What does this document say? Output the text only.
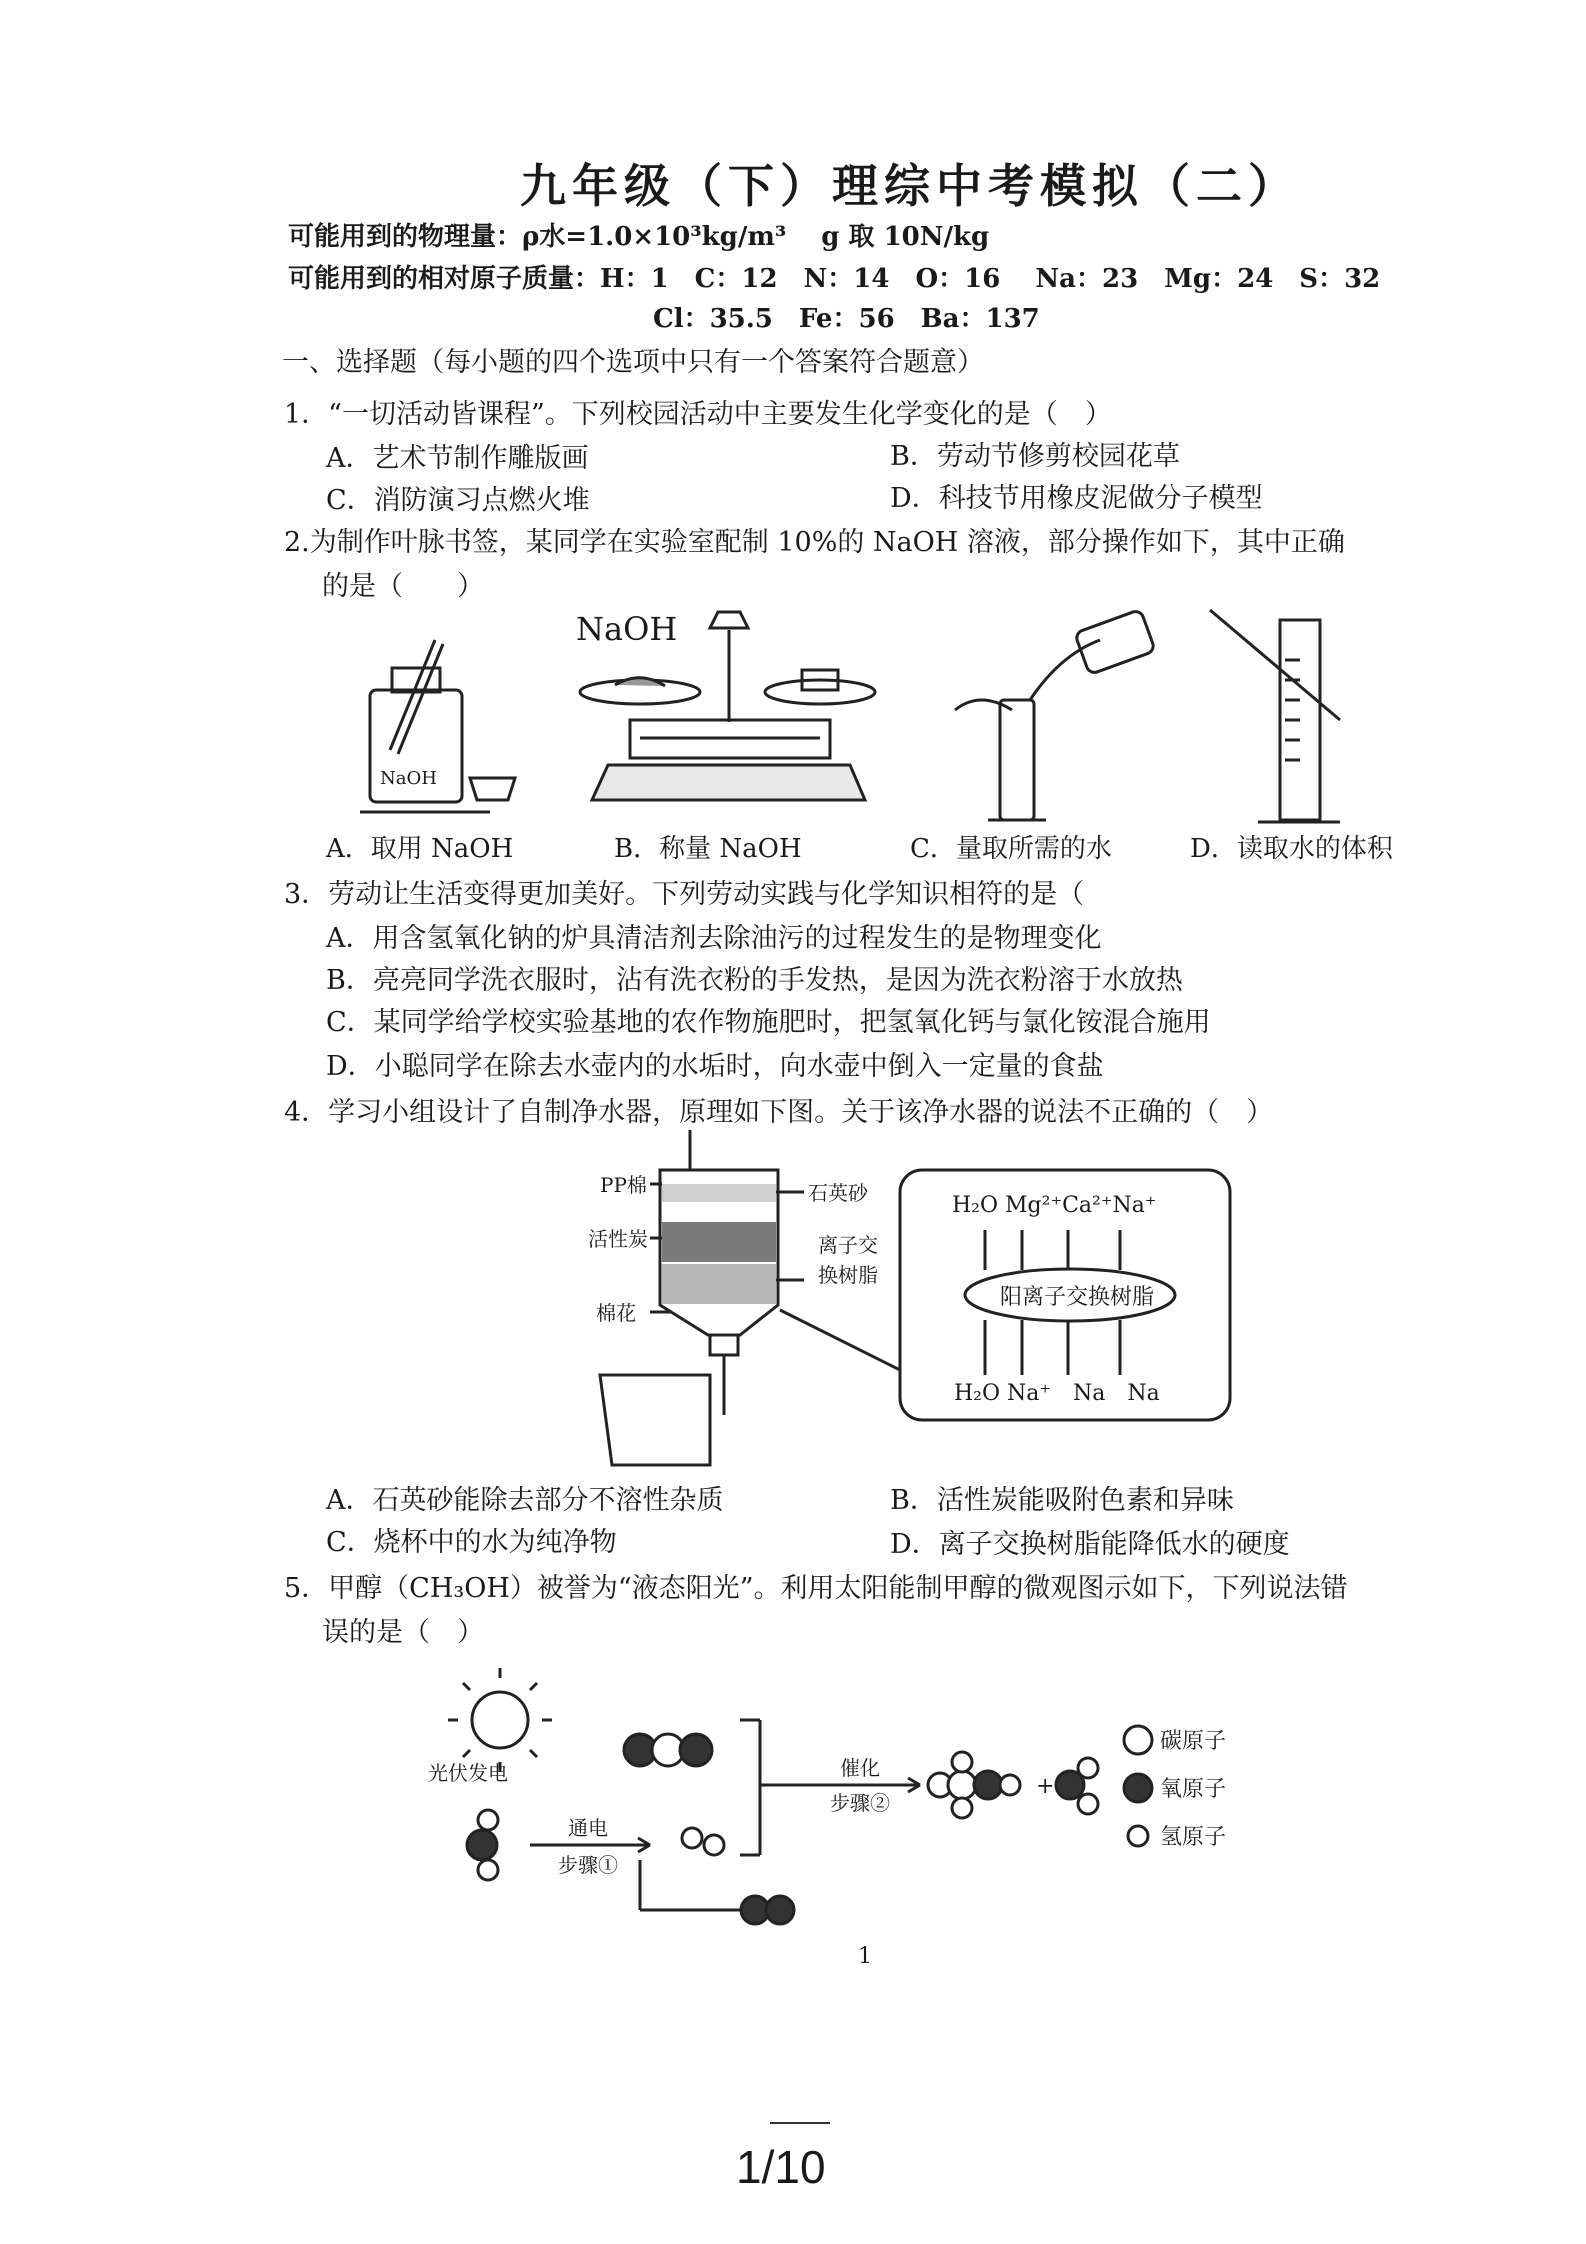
九年级（下）理综中考模拟（二）
可能用到的物理量：ρ水=1.0×10³kg/m³　 g 取 10N/kg
可能用到的相对原子质量：H：1　C：12　N：14　O：16　 Na：23　Mg：24　S：32
Cl：35.5　Fe：56　Ba：137
一、选择题（每小题的四个选项中只有一个答案符合题意）
1．“一切活动皆课程”。下列校园活动中主要发生化学变化的是（　）
A．艺术节制作雕版画	B．劳动节修剪校园花草
C．消防演习点燃火堆	D．科技节用橡皮泥做分子模型
2.为制作叶脉书签，某同学在实验室配制 10%的 NaOH 溶液，部分操作如下，其中正确
的是（　　）
NaOH
NaOH
A．取用 NaOH	B．称量 NaOH	C．量取所需的水	D．读取水的体积
3．劳动让生活变得更加美好。下列劳动实践与化学知识相符的是（
A．用含氢氧化钠的炉具清洁剂去除油污的过程发生的是物理变化
B．亮亮同学洗衣服时，沾有洗衣粉的手发热，是因为洗衣粉溶于水放热
C．某同学给学校实验基地的农作物施肥时，把氢氧化钙与氯化铵混合施用
D．小聪同学在除去水壶内的水垢时，向水壶中倒入一定量的食盐
4．学习小组设计了自制净水器，原理如下图。关于该净水器的说法不正确的（　）
PP棉
活性炭
棉花
石英砂
离子交
换树脂
H₂O Mg²⁺Ca²⁺Na⁺
阳离子交换树脂
H₂O Na⁺　Na　Na
A．石英砂能除去部分不溶性杂质	B．活性炭能吸附色素和异味
C．烧杯中的水为纯净物	D．离子交换树脂能降低水的硬度
5．甲醇（CH₃OH）被誉为“液态阳光”。利用太阳能制甲醇的微观图示如下，下列说法错
误的是（　）
光伏发电
通电
步骤①
催化
步骤②
+
碳原子
氧原子
氢原子
1
1/10
